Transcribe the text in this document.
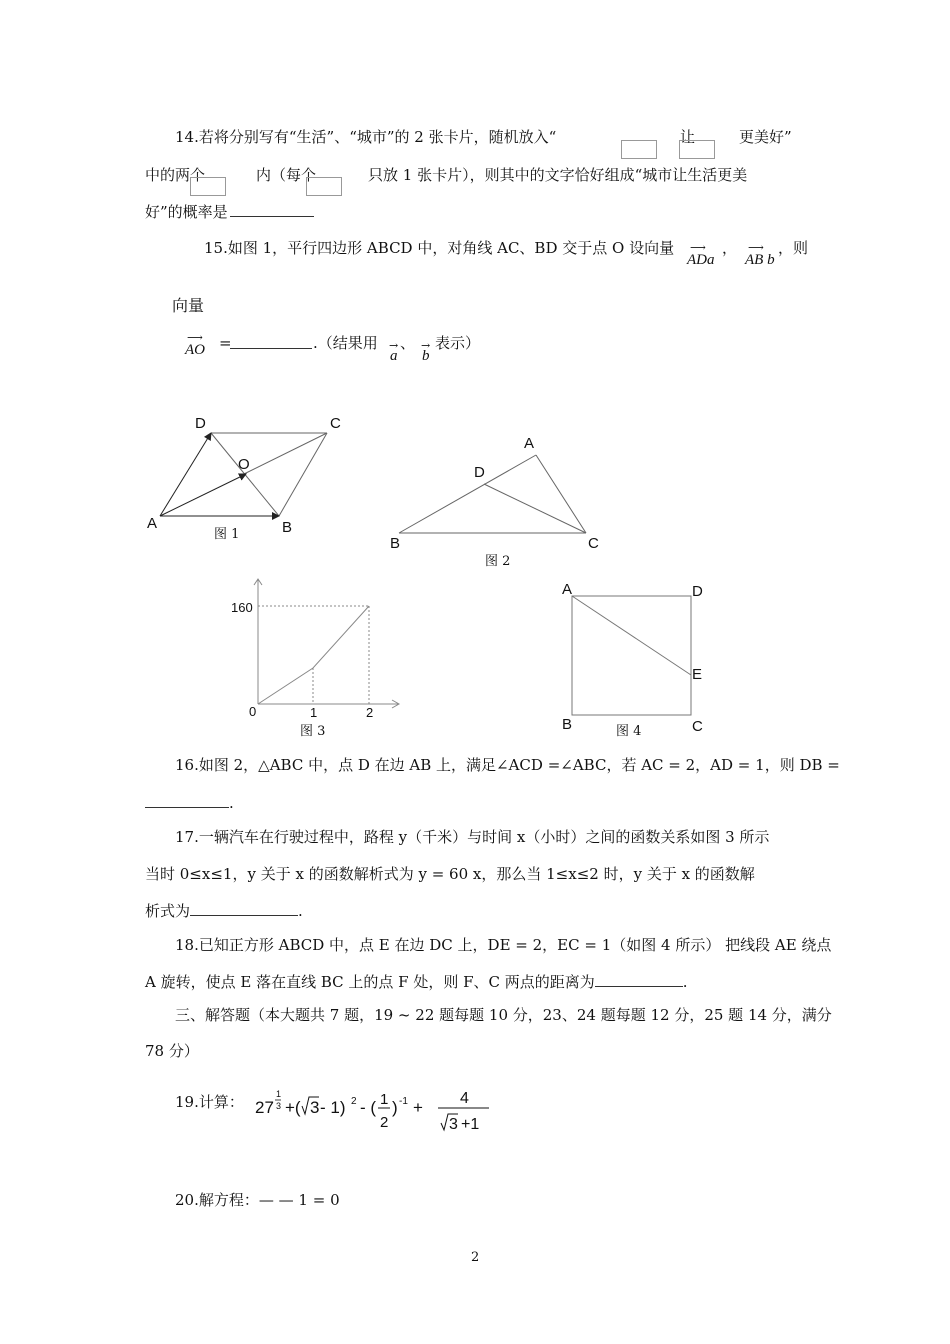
14.若将分别写有“生活”、“城市”的 2 张卡片，随机放入“	让	更美好”
中的两个	内（每个	只放 1 张卡片），则其中的文字恰好组成“城市让生活更美
好”的概率是
15.如图 1，平行四边形 ABCD 中，对角线 AC、BD 交于点 O 设向量 ⟶
ADa
， ⟶
AB b
，则
向量
⟶
AO =	.（结果用 →
a
、 →
b
表示）
D	C
O
A	B
图 1
A
D
B	C
图 2
160
0	1	2
图 3
A	D
E
B	C
图 4
16.如图 2，△ABC 中，点 D 在边 AB 上，满足∠ACD =∠ABC，若 AC = 2，AD = 1，则 DB =
.
17.一辆汽车在行驶过程中，路程 y（千米）与时间 x（小时）之间的函数关系如图 3 所示
当时 0≤x≤1，y 关于 x 的函数解析式为 y = 60 x，那么当 1≤x≤2 时，y 关于 x 的函数解
析式为	.
18.已知正方形 ABCD 中，点 E 在边 DC 上，DE = 2，EC = 1（如图 4 所示） 把线段 AE 绕点
A 旋转，使点 E 落在直线 BC 上的点 F 处，则 F、C 两点的距离为	.
三、解答题（本大题共 7 题，19 ~ 22 题每题 10 分，23、24 题每题 12 分，25 题 14 分，满分
78 分）
19.计算： 27
1
3 +( 3 - 1) 2 - ( 1
2
) -1 + 4
3 +1
20.解方程：— — 1 = 0
2
